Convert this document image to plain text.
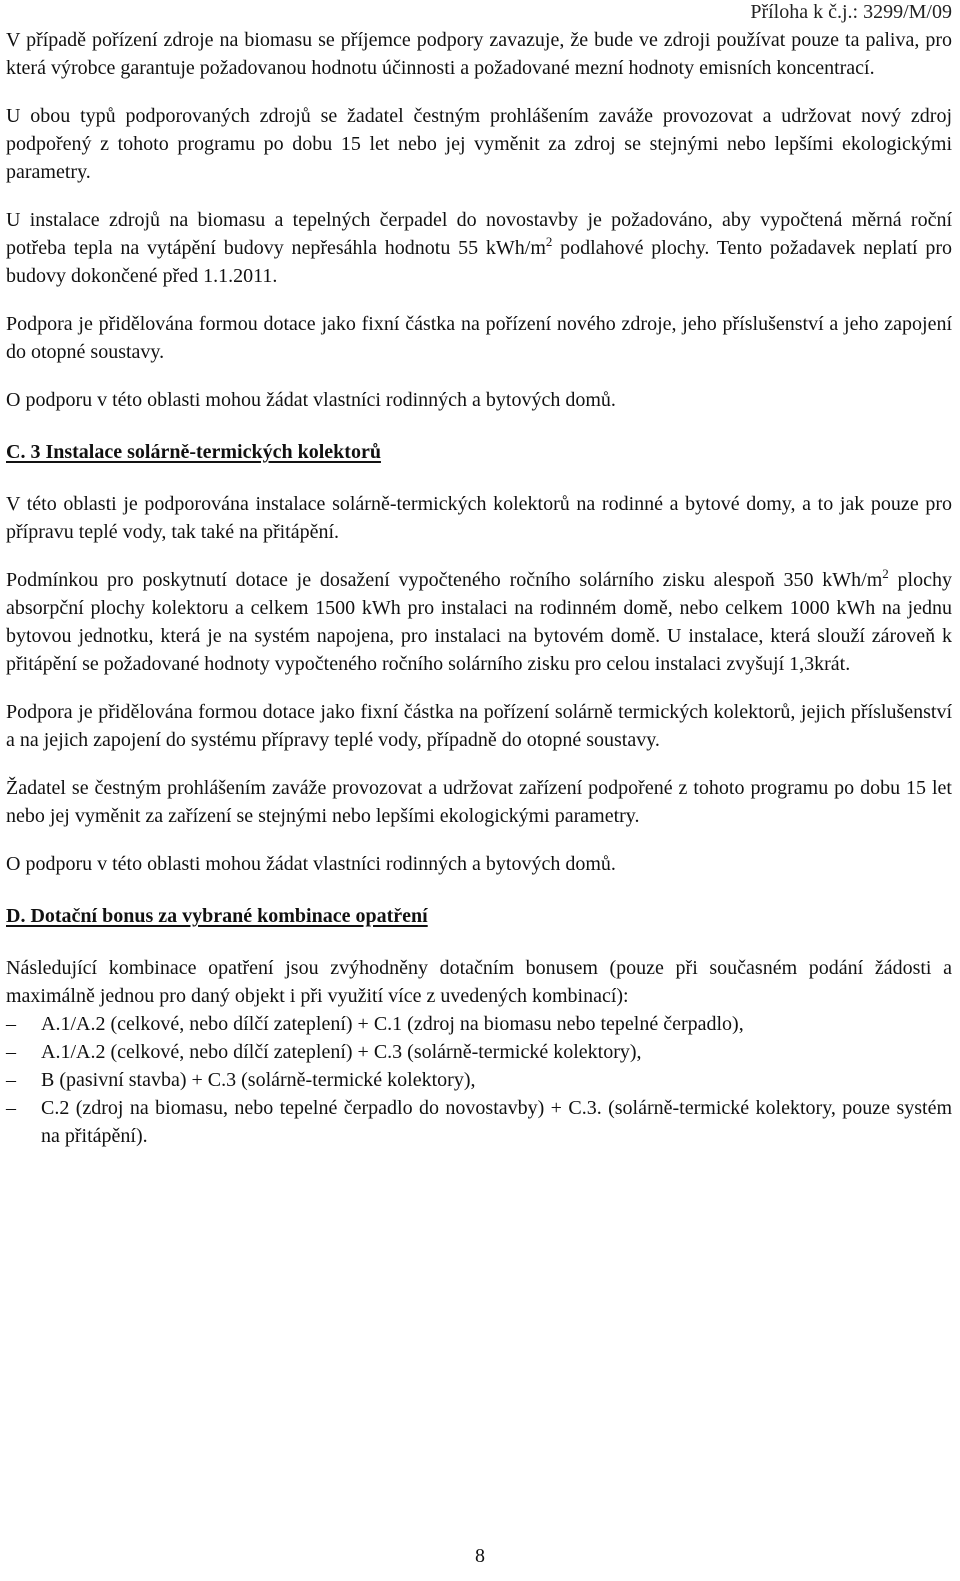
Příloha k č.j.: 3299/M/09

V případě pořízení zdroje na biomasu se příjemce podpory zavazuje, že bude ve zdroji používat pouze ta paliva, pro která výrobce garantuje požadovanou hodnotu účinnosti a požadované mezní hodnoty emisních koncentrací.

U obou typů podporovaných zdrojů se žadatel čestným prohlášením zaváže provozovat a udržovat nový zdroj podpořený z tohoto programu po dobu 15 let nebo jej vyměnit za zdroj se stejnými nebo lepšími ekologickými parametry.

U instalace zdrojů na biomasu a tepelných čerpadel do novostavby je požadováno, aby vypočtená měrná roční potřeba tepla na vytápění budovy nepřesáhla hodnotu 55 kWh/$m^2$ podlahové plochy. Tento požadavek neplatí pro budovy dokončené před 1.1.2011.

Podpora je přidělována formou dotace jako fixní částka na pořízení nového zdroje, jeho příslušenství a jeho zapojení do otopné soustavy.

O podporu v této oblasti mohou žádat vlastníci rodinných a bytových domů.

C. 3 Instalace solárně-termických kolektorů

V této oblasti je podporována instalace solárně-termických kolektorů na rodinné a bytové domy, a to jak pouze pro přípravu teplé vody, tak také na přitápění.

Podmínkou pro poskytnutí dotace je dosažení vypočteného ročního solárního zisku alespoň 350 kWh/$m^2$ plochy absorpční plochy kolektoru a celkem 1500 kWh pro instalaci na rodinném domě, nebo celkem 1000 kWh na jednu bytovou jednotku, která je na systém napojena, pro instalaci na bytovém domě. U instalace, která slouží zároveň k přitápění se požadované hodnoty vypočteného ročního solárního zisku pro celou instalaci zvyšují 1,3krát.

Podpora je přidělována formou dotace jako fixní částka na pořízení solárně termických kolektorů, jejich příslušenství a na jejich zapojení do systému přípravy teplé vody, případně do otopné soustavy.

Žadatel se čestným prohlášením zaváže provozovat a udržovat zařízení podpořené z tohoto programu po dobu 15 let nebo jej vyměnit za zařízení se stejnými nebo lepšími ekologickými parametry.

O podporu v této oblasti mohou žádat vlastníci rodinných a bytových domů.

D. Dotační bonus za vybrané kombinace opatření

Následující kombinace opatření jsou zvýhodněny dotačním bonusem (pouze při současném podání žádosti a maximálně jednou pro daný objekt i při využití více z uvedených kombinací):

–	A.1/A.2 (celkové, nebo dílčí zateplení) + C.1 (zdroj na biomasu nebo tepelné čerpadlo),
–	A.1/A.2 (celkové, nebo dílčí zateplení) + C.3 (solárně-termické kolektory),
–	B (pasivní stavba) + C.3 (solárně-termické kolektory),
–	C.2 (zdroj na biomasu, nebo tepelné čerpadlo do novostavby) + C.3. (solárně-termické kolektory, pouze systém na přitápění).
8
